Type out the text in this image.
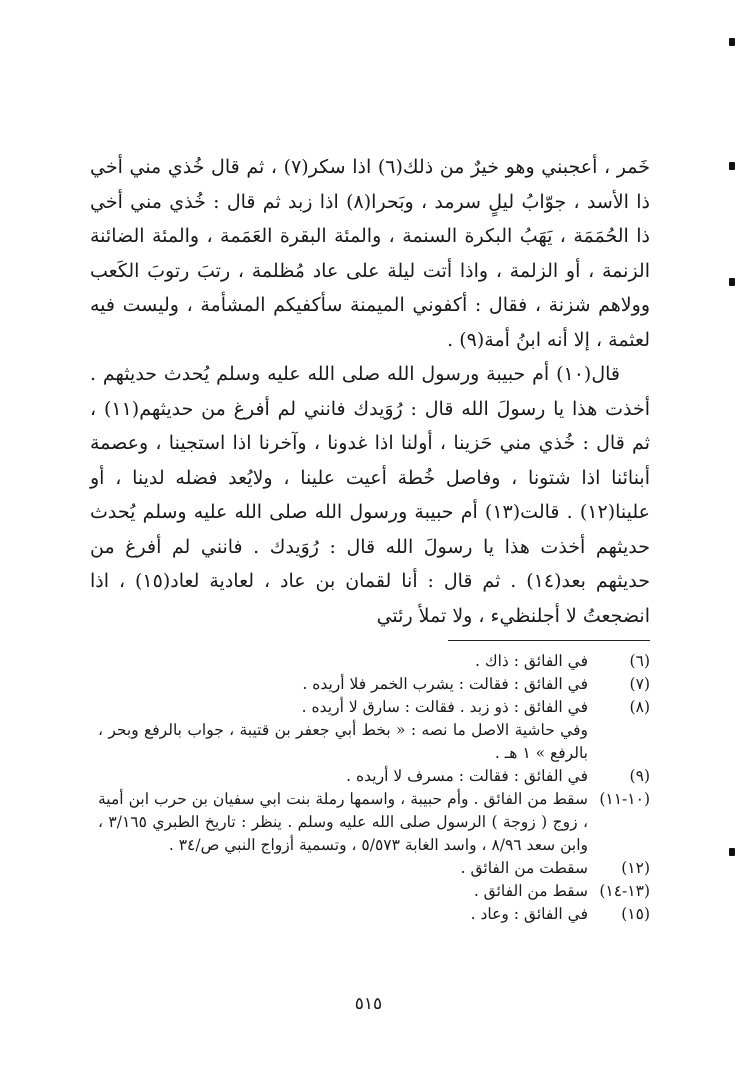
خَمر ، أعجبني وهو خيرٌ من ذلك(٦) اذا سكر(٧) ، ثم قال خُذي مني أخي ذا الأسد ، جوّابُ ليلٍ سرمد ، وبَحرا(٨) اذا زبد ثم قال : خُذي مني أخي ذا الحُمَمَة ، يَهَبُ البكرة السنمة ، والمئة البقرة العَمَمة ، والمئة الضائنة الزنمة ، أو الزلمة ، واذا أتت ليلة على عاد مُظلمة ، رتبَ رتوبَ الكَعب وولاهم شزنة ، فقال : أكفوني الميمنة سأكفيكم المشأمة ، وليست فيه لعثمة ، إلا أنه ابنُ أمة(٩) .

قال(١٠) أم حبيبة ورسول الله صلى الله عليه وسلم يُحدث حديثهم . أخذت هذا يا رسولَ الله قال : رُوَيدك فانني لم أفرغ من حديثهم(١١) ، ثم قال : خُذي مني حَزينا ، أولنا اذا غدونا ، وآخرنا اذا استجينا ، وعصمة أبنائنا اذا شتونا ، وفاصل خُطة أعيت علينا ، ولايُعد فضله لدينا ، أو علينا(١٢) . قالت(١٣) أم حبيبة ورسول الله صلى الله عليه وسلم يُحدث حديثهم أخذت هذا يا رسولَ الله قال : رُوَيدك . فانني لم أفرغ من حديثهم بعد(١٤) . ثم قال : أنا لقمان بن عاد ، لعادية لعاد(١٥) ، اذا انضجعتُ لا أجلنظيء ، ولا تملأ رئتي

(٦)
في الفائق : ذاك .
(٧)
في الفائق : فقالت : يشرب الخمر فلا أريده .
(٨)
في الفائق : ذو زبد . فقالت : سارق لا أريده .
وفي حاشية الاصل ما نصه : « بخط أبي جعفر بن قتيبة ، جواب بالرفع وبحر ، بالرفع » ١ هـ .
(٩)
في الفائق : فقالت : مسرف لا أريده .
(١٠-١١)
سقط من الفائق . وأم حبيبة ، واسمها رملة بنت ابي سفيان بن حرب ابن أمية ، زوج ( زوجة ) الرسول صلى الله عليه وسلم . ينظر : تاريخ الطبري ٣/١٦٥ ، وابن سعد ٨/٩٦ ، واسد الغابة ٥/٥٧٣ ، وتسمية أزواج النبي ص/٣٤ .
(١٢)
سقطت من الفائق .
(١٣-١٤)
سقط من الفائق .
(١٥)
في الفائق : وعاد .
٥١٥
